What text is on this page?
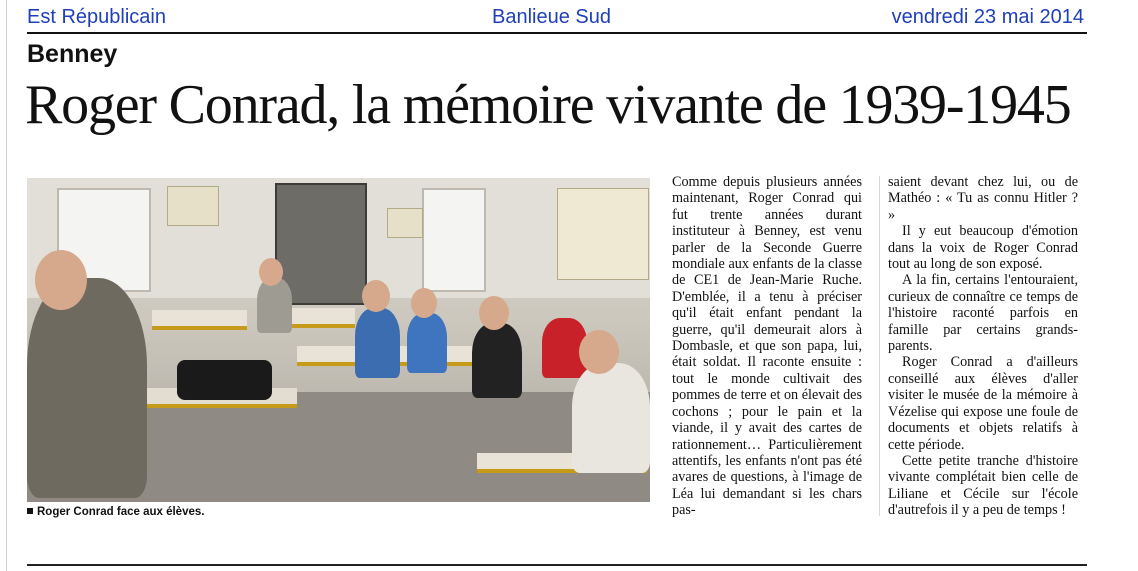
Est Républicain	Banlieue Sud	vendredi 23 mai 2014
Benney
Roger Conrad, la mémoire vivante de 1939-1945
Roger Conrad face aux élèves.

Comme depuis plusieurs années maintenant, Roger Conrad qui fut trente années durant instituteur à Benney, est venu parler de la Seconde Guerre mondiale aux enfants de la classe de CE1 de Jean-Marie Ruche. D'emblée, il a tenu à préciser qu'il était enfant pendant la guerre, qu'il demeurait alors à Dombasle, et que son papa, lui, était soldat. Il raconte ensuite : tout le monde cultivait des pommes de terre et on élevait des cochons ; pour le pain et la viande, il y avait des cartes de rationnement… Particulièrement attentifs, les enfants n'ont pas été avares de questions, à l'image de Léa lui demandant si les chars pas-

saient devant chez lui, ou de Mathéo : « Tu as connu Hitler ? »

Il y eut beaucoup d'émotion dans la voix de Roger Conrad tout au long de son exposé.

A la fin, certains l'entouraient, curieux de connaître ce temps de l'histoire raconté parfois en famille par certains grands-parents.

Roger Conrad a d'ailleurs conseillé aux élèves d'aller visiter le musée de la mémoire à Vézelise qui expose une foule de documents et objets relatifs à cette période.

Cette petite tranche d'histoire vivante complétait bien celle de Liliane et Cécile sur l'école d'autrefois il y a peu de temps !
